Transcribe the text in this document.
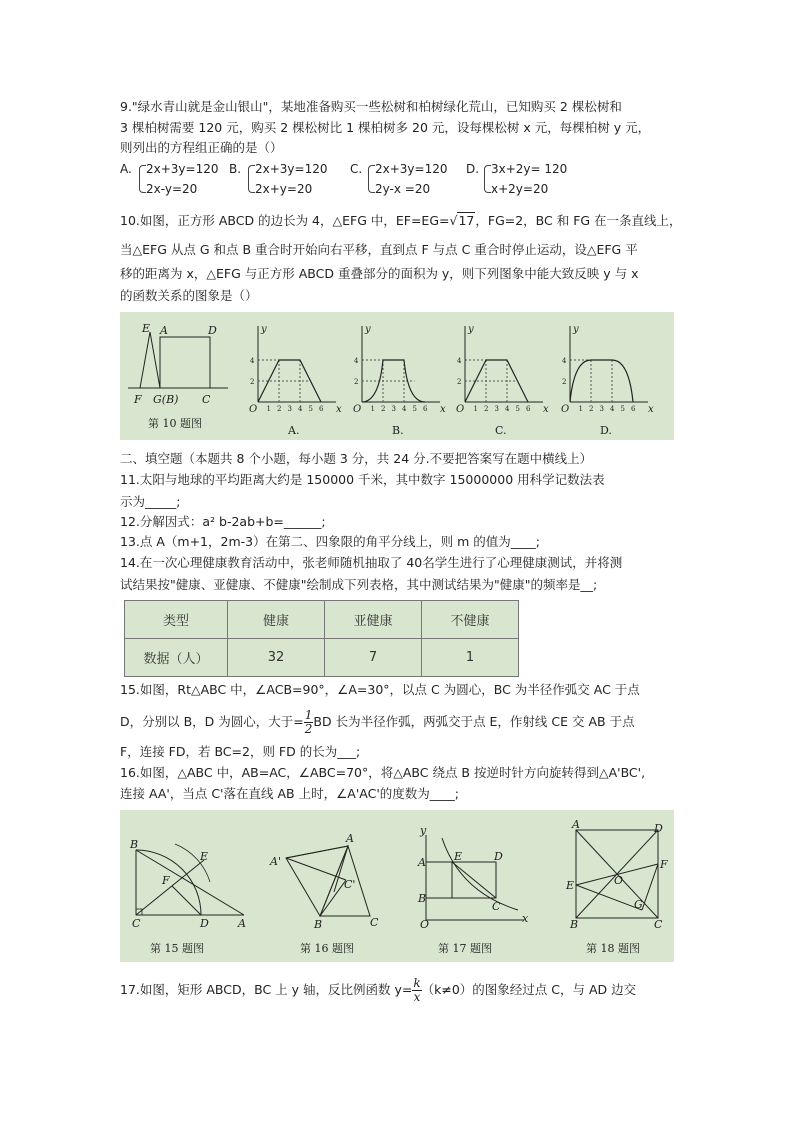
9."绿水青山就是金山银山"，某地准备购买一些松树和柏树绿化荒山，已知购买 2 棵松树和
3 棵柏树需要 120 元，购买 2 棵松树比 1 棵柏树多 20 元，设每棵松树 x 元，每棵柏树 y 元，
则列出的方程组正确的是（）
A. 2x+3y=120
2x-y=20
B. 2x+3y=120
2x+y=20
C. 2x+3y=120
2y-x =20
D. 3x+2y= 120
x+2y=20
10.如图，正方形 ABCD 的边长为 4，△EFG 中，EF=EG=√17，FG=2，BC 和 FG 在一条直线上，
当△EFG 从点 G 和点 B 重合时开始向右平移，直到点 F 与点 C 重合时停止运动，设△EFG 平
移的距离为 x，△EFG 与正方形 ABCD 重叠部分的面积为 y，则下列图象中能大致反映 y 与 x
的函数关系的图象是（）
E A	D
F G(B) C
第 10 题图
x
y
O
2
4
1 2 3 4 5 6
A.
x
y
O
2
4
1 2 3 4 5 6
B.
x
y
O
2
4
1 2 3 4 5 6
C.
x
y
O
2
4
1 2 3 4 5 6
D.
二、填空题（本题共 8 个小题，每小题 3 分，共 24 分.不要把答案写在题中横线上）
11.太阳与地球的平均距离大约是 150000 千米，其中数字 15000000 用科学记数法表
示为_____;
12.分解因式：a² b-2ab+b=______;
13.点 A（m+1，2m-3）在第二、四象限的角平分线上，则 m 的值为____;
14.在一次心理健康教育活动中，张老师随机抽取了 40名学生进行了心理健康测试，并将测
试结果按"健康、亚健康、不健康"绘制成下列表格，其中测试结果为"健康"的频率是__;
类型	健康	亚健康	不健康
数据（人）	32	7	1
15.如图，Rt△ABC 中，∠ACB=90°，∠A=30°，以点 C 为圆心，BC 为半径作弧交 AC 于点
D，分别以 B，D 为圆心，大于= $\frac{1}{2}$ BD 长为半径作弧，两弧交于点 E，作射线 CE 交 AB 于点
F，连接 FD，若 BC=2，则 FD 的长为___;
16.如图，△ABC 中，AB=AC，∠ABC=70°，将△ABC 绕点 B 按逆时针方向旋转得到△A'BC',
连接 AA'，当点 C'落在直线 AB 上时，∠A'AC'的度数为____;
B
E
F
C	D	A
A'
A
C'
B	C
y
A	E	D
B
C
O	x
A	D
F
E	O
G
B	C
第 15 题图	第 16 题图	第 17 题图	第 18 题图
17.如图，矩形 ABCD，BC 上 y 轴，反比例函数 $y= \frac{k}{x} (k\ne 0)$的图象经过点 C，与 AD 边交
